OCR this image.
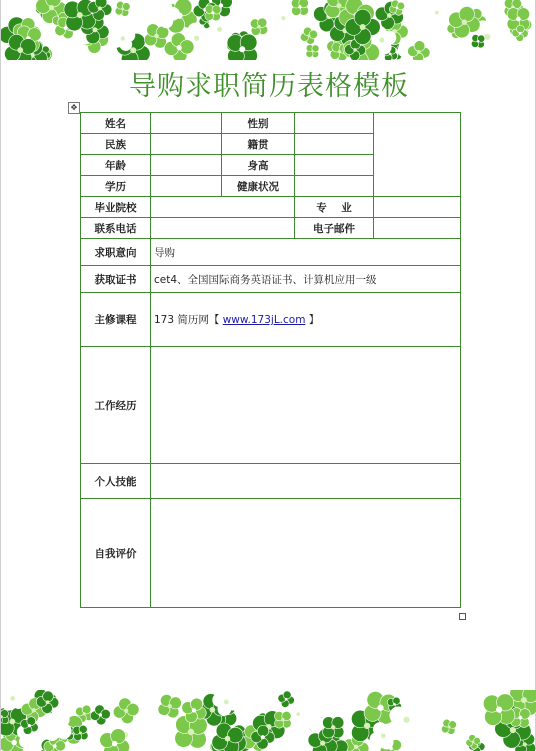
导购求职简历表格模板
✥
姓名		性别		
民族		籍贯		
年龄		身高		
学历		健康状况		
毕业院校			专    业	
联系电话			电子邮件	
求职意向	导购			
获取证书	cet4、全国国际商务英语证书、计算机应用一级			
主修课程	173 简历网【 www.173jL.com 】			
工作经历				
个人技能				
自我评价				
